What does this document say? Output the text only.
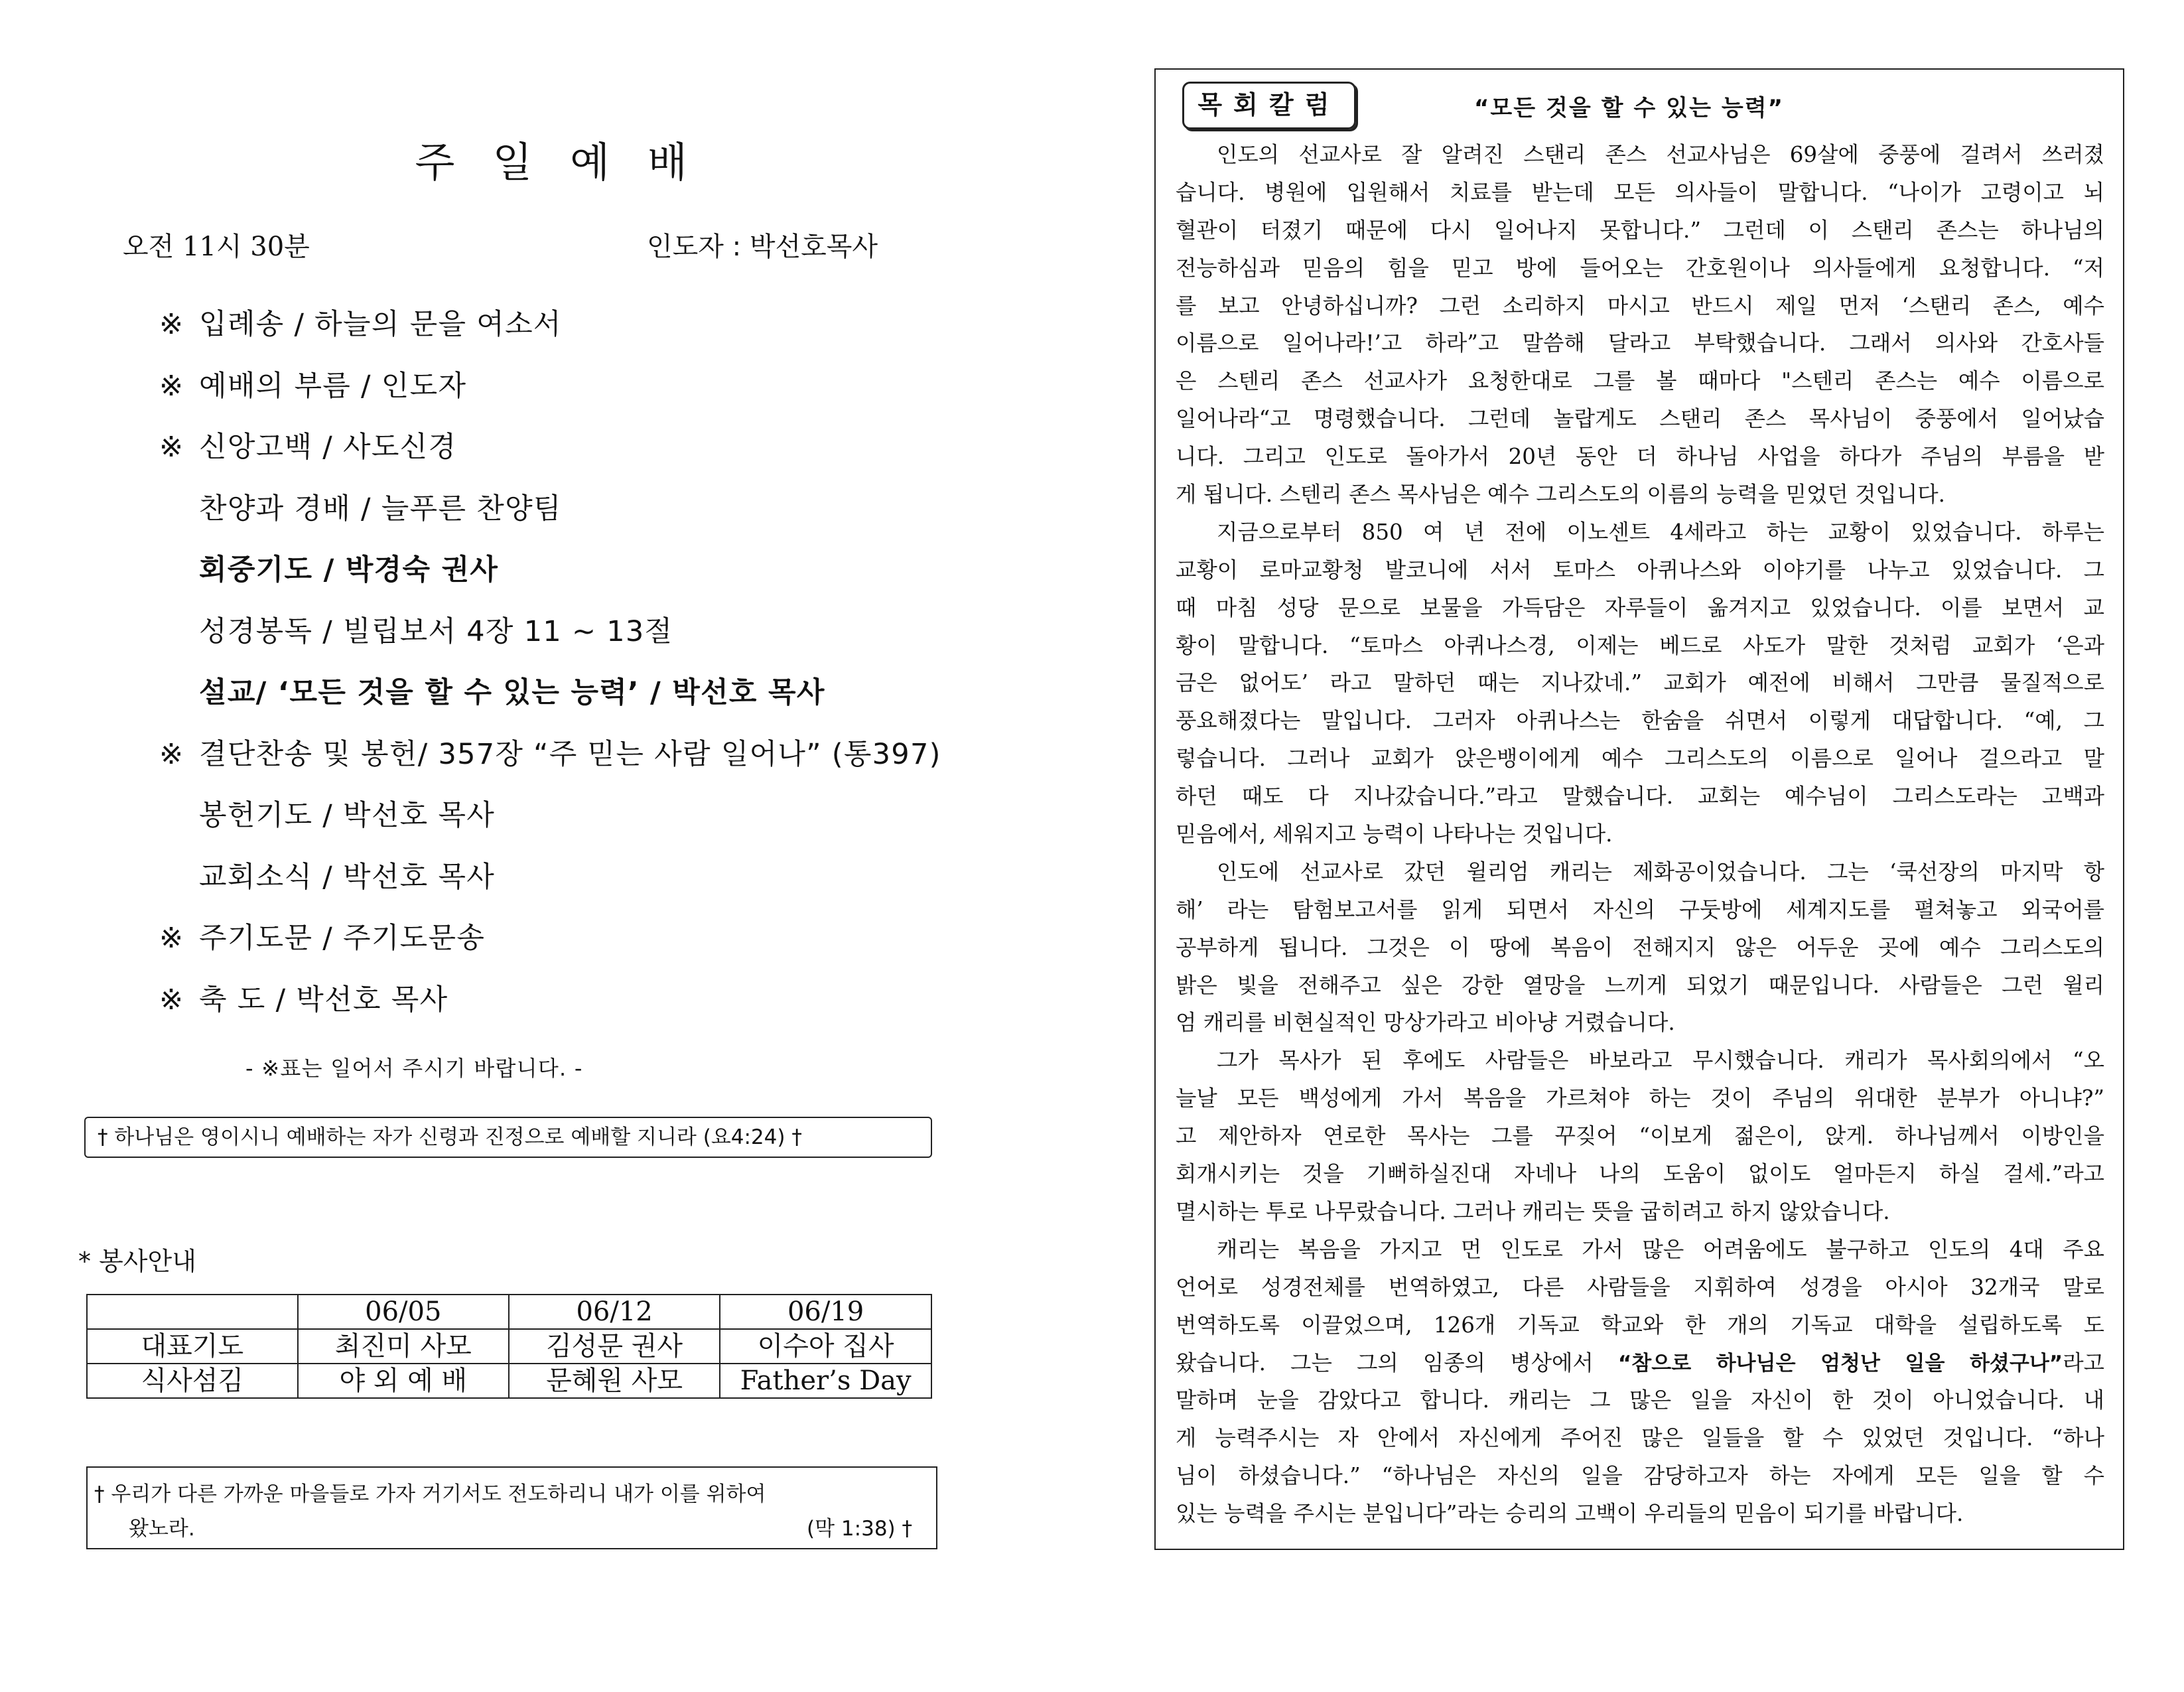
주 일 예 배
오전 11시 30분	인도자 : 박선호목사
※ 입례송 / 하늘의 문을 여소서
※ 예배의 부름 / 인도자
※ 신앙고백 / 사도신경
찬양과 경배 / 늘푸른 찬양팀
회중기도 / 박경숙 권사
성경봉독 / 빌립보서 4장 11 ~ 13절
설교/ ‘모든 것을 할 수 있는 능력’ / 박선호 목사
※ 결단찬송 및 봉헌/ 357장 “주 믿는 사람 일어나” (통397)
봉헌기도 / 박선호 목사
교회소식 / 박선호 목사
※ 주기도문 / 주기도문송
※ 축 도 / 박선호 목사
- ※표는 일어서 주시기 바랍니다. -
† 하나님은 영이시니 예배하는 자가 신령과 진정으로 예배할 지니라 (요4:24) †
* 봉사안내
	06/05	06/12	06/19
대표기도	최진미 사모	김성문 권사	이수아 집사
식사섬김	야 외 예 배	문혜원 사모	Father’s Day
† 우리가 다른 가까운 마을들로 가자 거기서도 전도하리니 내가 이를 위하여
왔노라.	(막 1:38) †
목회칼럼	“모든 것을 할 수 있는 능력”
인도의 선교사로 잘 알려진 스탠리 존스 선교사님은 69살에 중풍에 걸려서 쓰러졌
습니다. 병원에 입원해서 치료를 받는데 모든 의사들이 말합니다. “나이가 고령이고 뇌
혈관이 터졌기 때문에 다시 일어나지 못합니다.” 그런데 이 스탠리 존스는 하나님의
전능하심과 믿음의 힘을 믿고 방에 들어오는 간호원이나 의사들에게 요청합니다. “저
를 보고 안녕하십니까? 그런 소리하지 마시고 반드시 제일 먼저 ‘스탠리 존스, 예수
이름으로 일어나라!’고 하라”고 말씀해 달라고 부탁했습니다. 그래서 의사와 간호사들
은 스텐리 존스 선교사가 요청한대로 그를 볼 때마다 "스텐리 존스는 예수 이름으로
일어나라“고 명령했습니다. 그런데 놀랍게도 스탠리 존스 목사님이 중풍에서 일어났습
니다. 그리고 인도로 돌아가서 20년 동안 더 하나님 사업을 하다가 주님의 부름을 받
게 됩니다. 스텐리 존스 목사님은 예수 그리스도의 이름의 능력을 믿었던 것입니다.
지금으로부터 850 여 년 전에 이노센트 4세라고 하는 교황이 있었습니다. 하루는
교황이 로마교황청 발코니에 서서 토마스 아퀴나스와 이야기를 나누고 있었습니다. 그
때 마침 성당 문으로 보물을 가득담은 자루들이 옮겨지고 있었습니다. 이를 보면서 교
황이 말합니다. “토마스 아퀴나스경, 이제는 베드로 사도가 말한 것처럼 교회가 ‘은과
금은 없어도’ 라고 말하던 때는 지나갔네.” 교회가 예전에 비해서 그만큼 물질적으로
풍요해졌다는 말입니다. 그러자 아퀴나스는 한숨을 쉬면서 이렇게 대답합니다. “예, 그
렇습니다. 그러나 교회가 앉은뱅이에게 예수 그리스도의 이름으로 일어나 걸으라고 말
하던 때도 다 지나갔습니다.”라고 말했습니다. 교회는 예수님이 그리스도라는 고백과
믿음에서, 세워지고 능력이 나타나는 것입니다.
인도에 선교사로 갔던 윌리엄 캐리는 제화공이었습니다. 그는 ‘쿡선장의 마지막 항
해’ 라는 탐험보고서를 읽게 되면서 자신의 구둣방에 세계지도를 펼쳐놓고 외국어를
공부하게 됩니다. 그것은 이 땅에 복음이 전해지지 않은 어두운 곳에 예수 그리스도의
밝은 빛을 전해주고 싶은 강한 열망을 느끼게 되었기 때문입니다. 사람들은 그런 윌리
엄 캐리를 비현실적인 망상가라고 비아냥 거렸습니다.
그가 목사가 된 후에도 사람들은 바보라고 무시했습니다. 캐리가 목사회의에서 “오
늘날 모든 백성에게 가서 복음을 가르쳐야 하는 것이 주님의 위대한 분부가 아니냐?”
고 제안하자 연로한 목사는 그를 꾸짖어 “이보게 젊은이, 앉게. 하나님께서 이방인을
회개시키는 것을 기뻐하실진대 자네나 나의 도움이 없이도 얼마든지 하실 걸세.”라고
멸시하는 투로 나무랐습니다. 그러나 캐리는 뜻을 굽히려고 하지 않았습니다.
캐리는 복음을 가지고 먼 인도로 가서 많은 어려움에도 불구하고 인도의 4대 주요
언어로 성경전체를 번역하였고, 다른 사람들을 지휘하여 성경을 아시아 32개국 말로
번역하도록 이끌었으며, 126개 기독교 학교와 한 개의 기독교 대학을 설립하도록 도
왔습니다. 그는 그의 임종의 병상에서 “참으로 하나님은 엄청난 일을 하셨구나”라고
말하며 눈을 감았다고 합니다. 캐리는 그 많은 일을 자신이 한 것이 아니었습니다. 내
게 능력주시는 자 안에서 자신에게 주어진 많은 일들을 할 수 있었던 것입니다. “하나
님이 하셨습니다.” “하나님은 자신의 일을 감당하고자 하는 자에게 모든 일을 할 수
있는 능력을 주시는 분입니다”라는 승리의 고백이 우리들의 믿음이 되기를 바랍니다.
